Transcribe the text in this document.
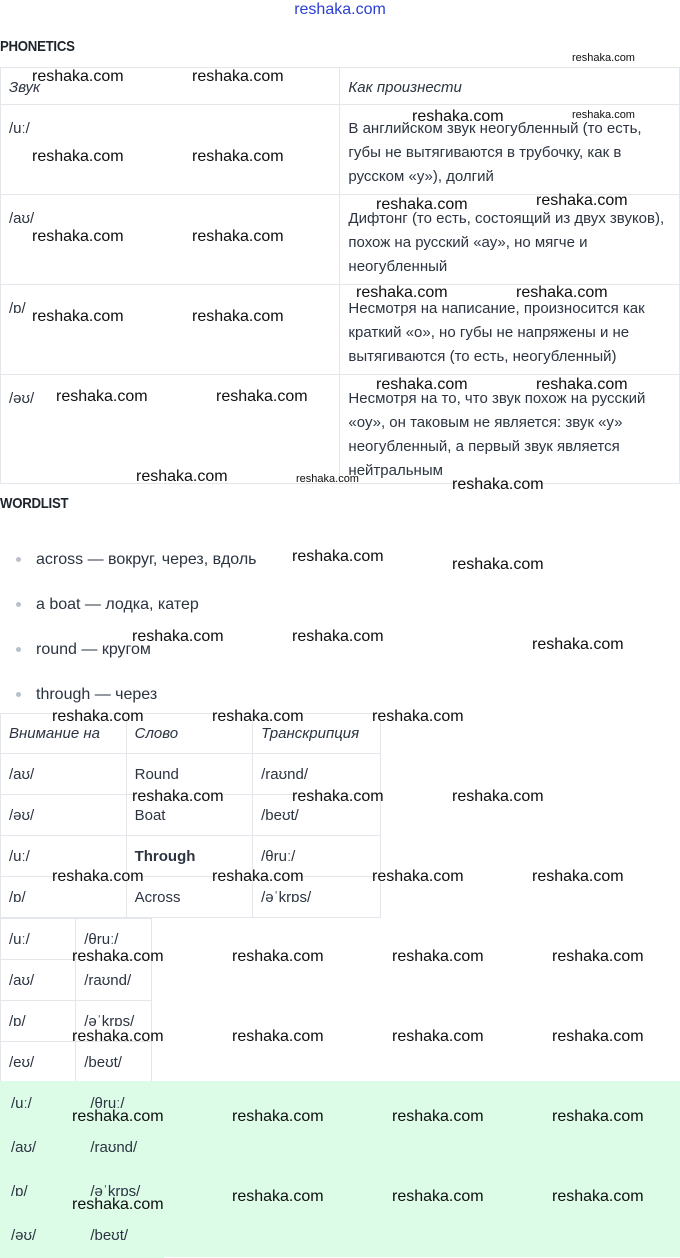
reshaka.com
PHONETICS
Звук	Как произнести
/uː/	В английском звук неогубленный (то есть, губы не вытягиваются в трубочку, как в русском «у»), долгий
/aʊ/	Дифтонг (то есть, состоящий из двух звуков), похож на русский «ау», но мягче и неогубленный
/ɒ/	Несмотря на написание, произносится как краткий «о», но губы не напряжены и не вытягиваются (то есть, неогубленный)
/əʊ/	Несмотря на то, что звук похож на русский «оу», он таковым не является: звук «у» неогубленный, а первый звук является нейтральным
WORDLIST
across — вокруг, через, вдоль
a boat — лодка, катер
round — кругом
through — через
Внимание на	Слово	Транскрипция
/aʊ/	Round	/raʊnd/
/əʊ/	Boat	/beʊt/
/uː/	Through	/θruː/
/ɒ/	Across	/əˈkrɒs/
/uː/	/θruː/
/aʊ/	/raʊnd/
/ɒ/	/əˈkrɒs/
/eʊ/	/beʊt/
/uː/	/θruː/
/aʊ/	/raʊnd/
/ɒ/	/əˈkrɒs/
/əʊ/	/beʊt/
reshaka.com
reshaka.com	reshaka.com
reshaka.com	reshaka.com
reshaka.com	reshaka.com
reshaka.com	reshaka.com
reshaka.com	reshaka.com
reshaka.com	reshaka.com
reshaka.com	reshaka.com
reshaka.com	reshaka.com
reshaka.com	reshaka.com
reshaka.com	reshaka.com	reshaka.com
reshaka.com	reshaka.com
reshaka.com	reshaka.com	reshaka.com
reshaka.com	reshaka.com	reshaka.com
reshaka.com	reshaka.com	reshaka.com
reshaka.com	reshaka.com	reshaka.com	reshaka.com
reshaka.com	reshaka.com	reshaka.com	reshaka.com
reshaka.com	reshaka.com	reshaka.com	reshaka.com
reshaka.com	reshaka.com	reshaka.com	reshaka.com
reshaka.com	reshaka.com	reshaka.com
reshaka.com
